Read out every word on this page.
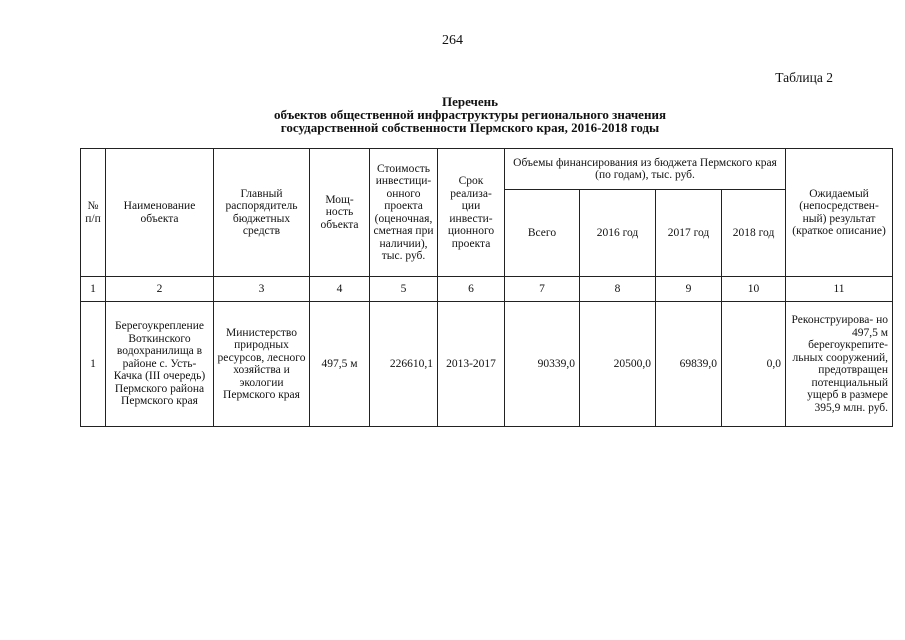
264
Таблица 2
Перечень
объектов общественной инфраструктуры регионального значения
государственной собственности Пермского края, 2016-2018 годы
№ п/п	Наименование объекта	Главный распорядитель бюджетных средств	Мощ- ность объекта	Стоимость инвестици- онного проекта (оценочная, сметная при наличии), тыс. руб.	Срок реализа- ции инвести- ционного проекта	Объемы финансирования из бюджета Пермского края (по годам), тыс. руб.				Ожидаемый (непосредствен- ный) результат (краткое описание)
						Всего	2016 год	2017 год	2018 год	
1	2	3	4	5	6	7	8	9	10	11
1	Берегоукрепление Воткинского водохранилища в районе с. Усть- Качка (III очередь) Пермского района Пермского края	Министерство природных ресурсов, лесного хозяйства и экологии Пермского края	497,5 м	226610,1	2013-2017	90339,0	20500,0	69839,0	0,0	Реконструирова- но 497,5 м берегоукрепите- льных сооружений, предотвращен потенциальный ущерб в размере 395,9 млн. руб.
